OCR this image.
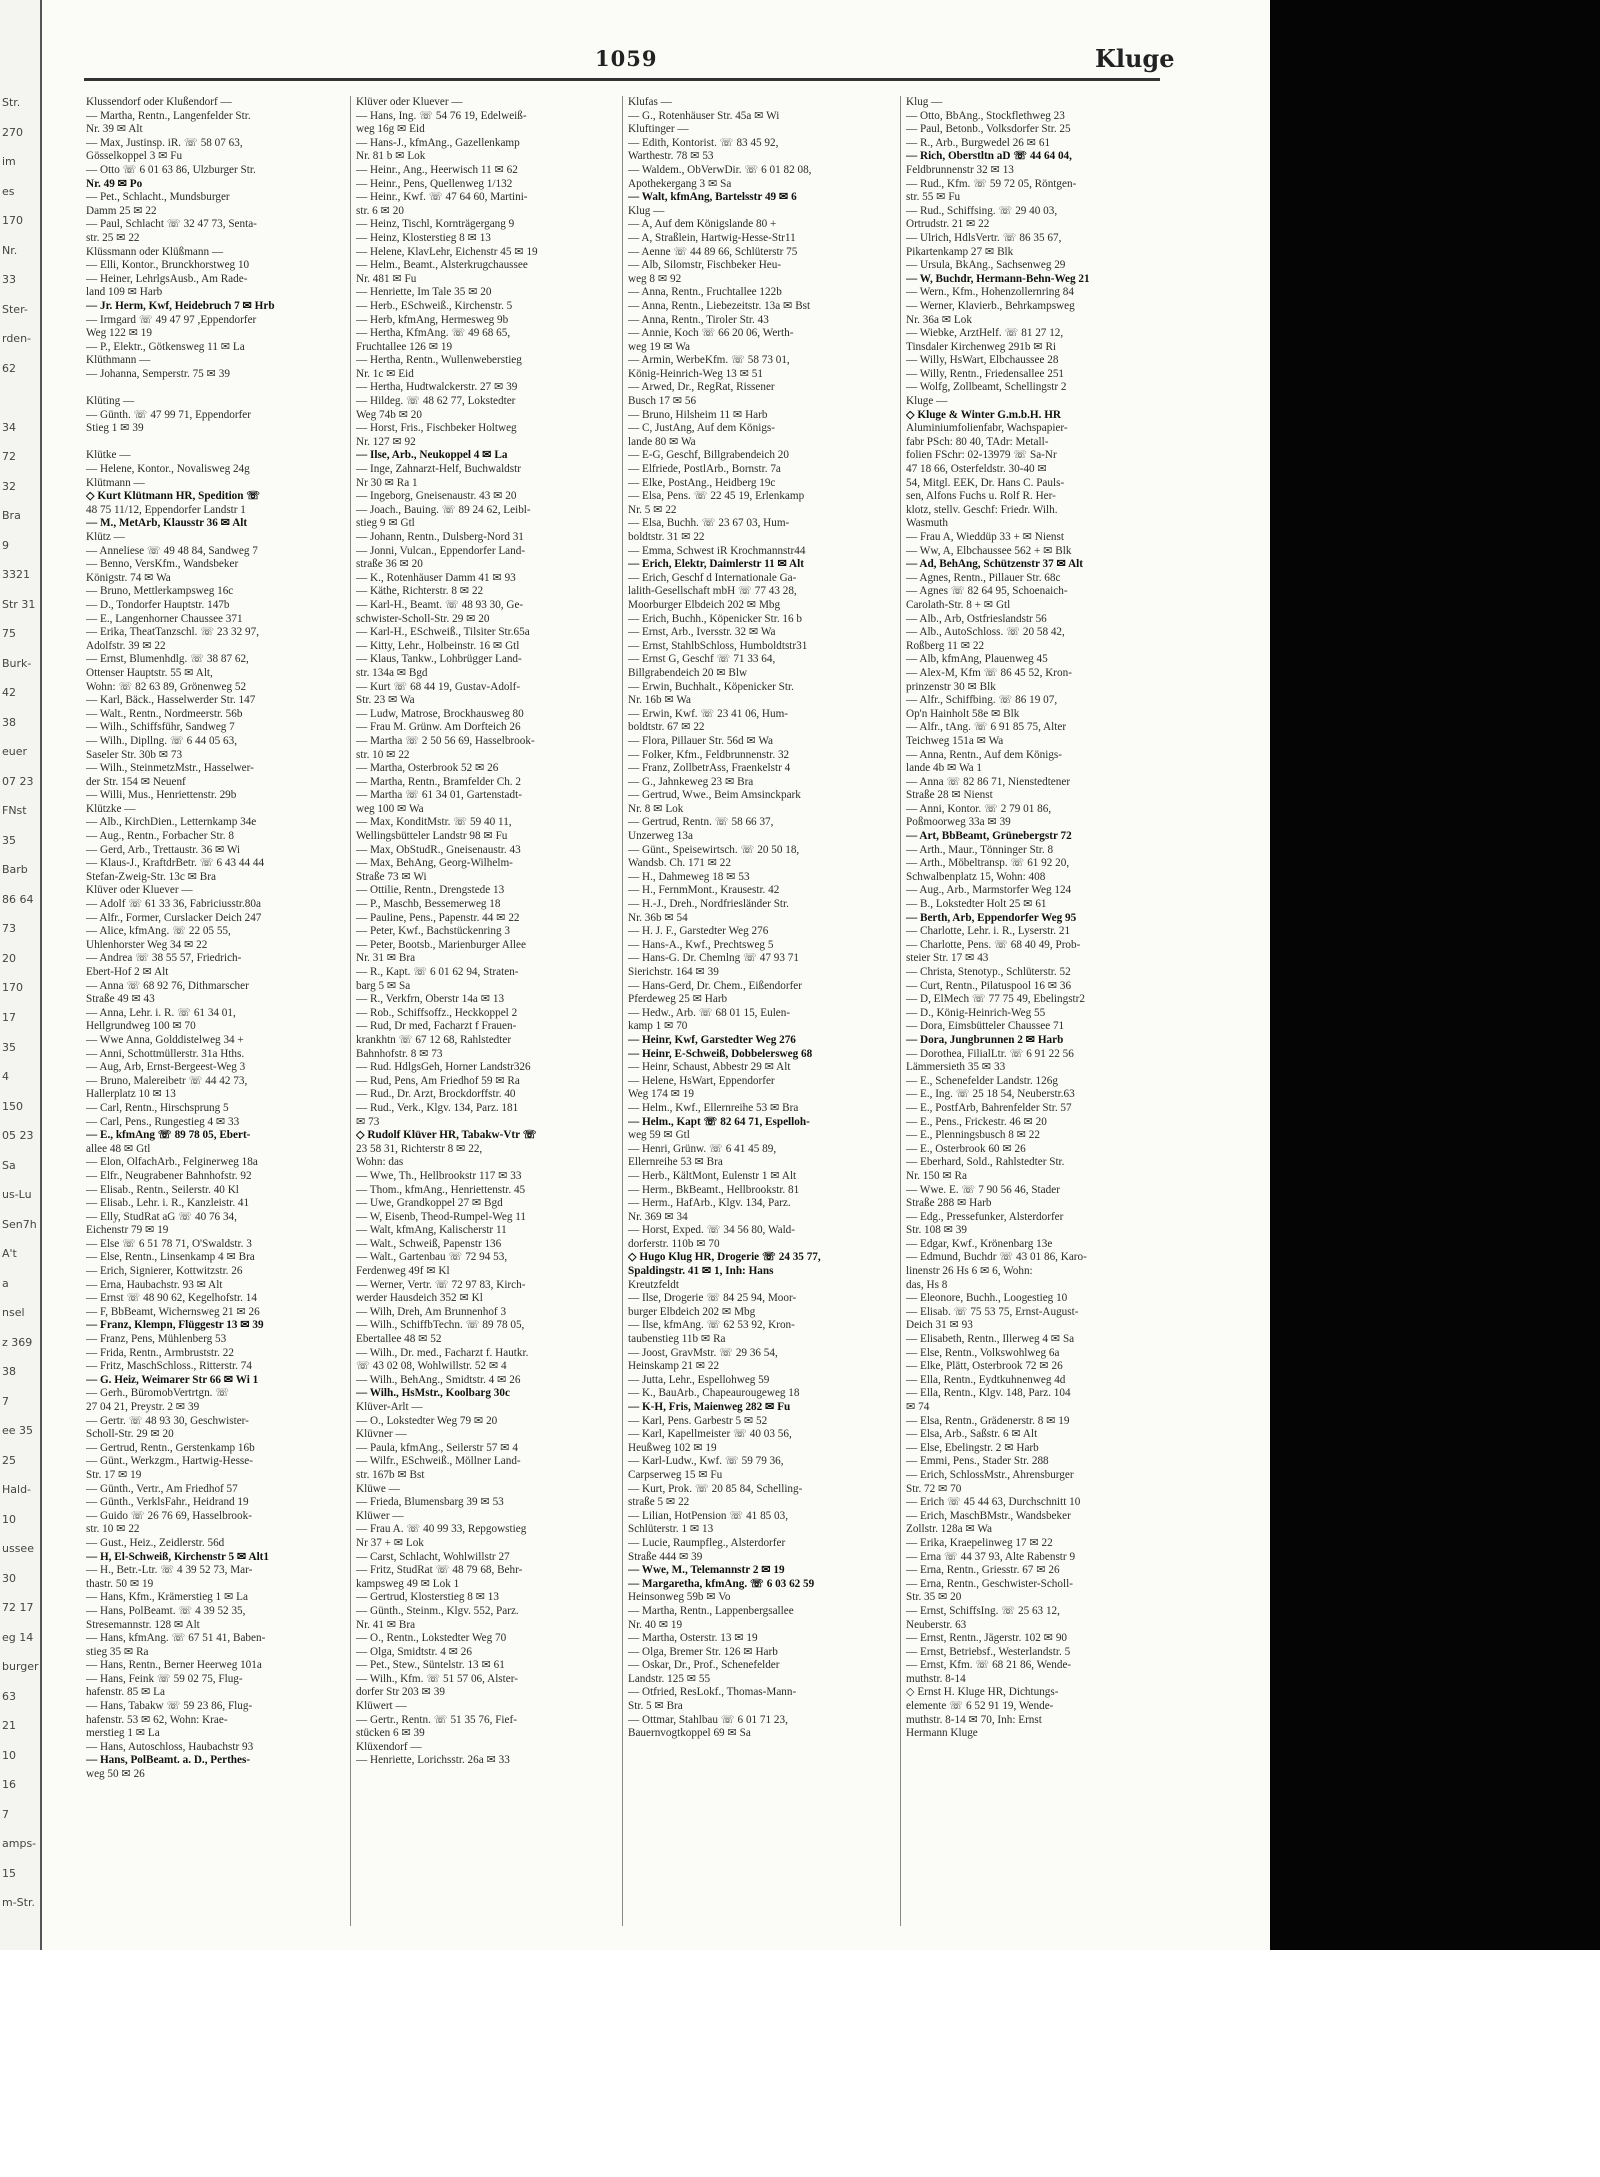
Str.
270
im
es
170
Nr.
33
Ster-
rden-
62
34
72
32
Bra
9
3321
Str 31
75
Burk-
42
38
euer
07 23
FNst
35
Barb
86 64
73
20
170
17
35
4
150
05 23
Sa
us-Lu
Sen7h
A't
a
nsel
z 369
38
7
ee 35
25
Hald-
10
ussee
30
72 17
eg 14
burger
63
21
10
16
7
amps-
15
m-Str.
1059	Kluge
Klussendorf oder Klußendorf —
— Martha, Rentn., Langenfelder Str.
Nr. 39 ✉ Alt
— Max, Justinsp. iR. ☏ 58 07 63,
Gösselkoppel 3 ✉ Fu
— Otto ☏ 6 01 63 86, Ulzburger Str.
Nr. 49 ✉ Po
— Pet., Schlacht., Mundsburger
Damm 25 ✉ 22
— Paul, Schlacht ☏ 32 47 73, Senta-
str. 25 ✉ 22
Klüssmann oder Klüßmann —
— Elli, Kontor., Brunckhorstweg 10
— Heiner, LehrlgsAusb., Am Rade-
land 109 ✉ Harb
— Jr. Herm, Kwf, Heidebruch 7 ✉ Hrb
— Irmgard ☏ 49 47 97 ,Eppendorfer
Weg 122 ✉ 19
— P., Elektr., Götkensweg 11 ✉ La
Klüthmann —
— Johanna, Semperstr. 75 ✉ 39

Klüting —
— Günth. ☏ 47 99 71, Eppendorfer
Stieg 1 ✉ 39

Klütke —
— Helene, Kontor., Novalisweg 24g
Klütmann —
◇ Kurt Klütmann HR, Spedition ☏
48 75 11/12, Eppendorfer Landstr 1
— M., MetArb, Klausstr 36 ✉ Alt
Klütz —
— Anneliese ☏ 49 48 84, Sandweg 7
— Benno, VersKfm., Wandsbeker
Königstr. 74 ✉ Wa
— Bruno, Mettlerkampsweg 16c
— D., Tondorfer Hauptstr. 147b
— E., Langenhorner Chaussee 371
— Erika, TheatTanzschl. ☏ 23 32 97,
Adolfstr. 39 ✉ 22
— Ernst, Blumenhdlg. ☏ 38 87 62,
Ottenser Hauptstr. 55 ✉ Alt,
Wohn: ☏ 82 63 89, Grönenweg 52
— Karl, Bäck., Hasselwerder Str. 147
— Walt., Rentn., Nordmeerstr. 56b
— Wilh., Schiffsführ, Sandweg 7
— Wilh., Dipllng. ☏ 6 44 05 63,
Saseler Str. 30b ✉ 73
— Wilh., SteinmetzMstr., Hasselwer-
der Str. 154 ✉ Neuenf
— Willi, Mus., Henriettenstr. 29b
Klützke —
— Alb., KirchDien., Letternkamp 34e
— Aug., Rentn., Forbacher Str. 8
— Gerd, Arb., Trettaustr. 36 ✉ Wi
— Klaus-J., KraftdrBetr. ☏ 6 43 44 44
Stefan-Zweig-Str. 13c ✉ Bra
Klüver oder Kluever —
— Adolf ☏ 61 33 36, Fabriciusstr.80a
— Alfr., Former, Curslacker Deich 247
— Alice, kfmAng. ☏ 22 05 55,
Uhlenhorster Weg 34 ✉ 22
— Andrea ☏ 38 55 57, Friedrich-
Ebert-Hof 2 ✉ Alt
— Anna ☏ 68 92 76, Dithmarscher
Straße 49 ✉ 43
— Anna, Lehr. i. R. ☏ 61 34 01,
Hellgrundweg 100 ✉ 70
— Wwe Anna, Golddistelweg 34 +
— Anni, Schottmüllerstr. 31a Hths.
— Aug, Arb, Ernst-Bergeest-Weg 3
— Bruno, Malereibetr ☏ 44 42 73,
Hallerplatz 10 ✉ 13
— Carl, Rentn., Hirschsprung 5
— Carl, Pens., Rungestieg 4 ✉ 33
— E., kfmAng ☏ 89 78 05, Ebert-
allee 48 ✉ Gtl
— Elon, OlfachArb., Felginerweg 18a
— Elfr., Neugrabener Bahnhofstr. 92
— Elisab., Rentn., Seilerstr. 40 Kl
— Elisab., Lehr. i. R., Kanzleistr. 41
— Elly, StudRat aG ☏ 40 76 34,
Eichenstr 79 ✉ 19
— Else ☏ 6 51 78 71, O'Swaldstr. 3
— Else, Rentn., Linsenkamp 4 ✉ Bra
— Erich, Signierer, Kottwitzstr. 26
— Erna, Haubachstr. 93 ✉ Alt
— Ernst ☏ 48 90 62, Kegelhofstr. 14
— F, BbBeamt, Wichernsweg 21 ✉ 26
— Franz, Klempn, Flüggestr 13 ✉ 39
— Franz, Pens, Mühlenberg 53
— Frida, Rentn., Armbruststr. 22
— Fritz, MaschSchloss., Ritterstr. 74
— G. Heiz, Weimarer Str 66 ✉ Wi 1
— Gerh., BüromobVertrtgn. ☏
27 04 21, Preystr. 2 ✉ 39
— Gertr. ☏ 48 93 30, Geschwister-
Scholl-Str. 29 ✉ 20
— Gertrud, Rentn., Gerstenkamp 16b
— Günt., Werkzgm., Hartwig-Hesse-
Str. 17 ✉ 19
— Günth., Vertr., Am Friedhof 57
— Günth., VerklsFahr., Heidrand 19
— Guido ☏ 26 76 69, Hasselbrook-
str. 10 ✉ 22
— Gust., Heiz., Zeidlerstr. 56d
— H, El-Schweiß, Kirchenstr 5 ✉ Alt1
— H., Betr.-Ltr. ☏ 4 39 52 73, Mar-
thastr. 50 ✉ 19
— Hans, Kfm., Krämerstieg 1 ✉ La
— Hans, PolBeamt. ☏ 4 39 52 35,
Stresemannstr. 128 ✉ Alt
— Hans, kfmAng. ☏ 67 51 41, Baben-
stieg 35 ✉ Ra
— Hans, Rentn., Berner Heerweg 101a
— Hans, Feink ☏ 59 02 75, Flug-
hafenstr. 85 ✉ La
— Hans, Tabakw ☏ 59 23 86, Flug-
hafenstr. 53 ✉ 62, Wohn: Krae-
merstieg 1 ✉ La
— Hans, Autoschloss, Haubachstr 93
— Hans, PolBeamt. a. D., Perthes-
weg 50 ✉ 26
Klüver oder Kluever —
— Hans, Ing. ☏ 54 76 19, Edelweiß-
weg 16g ✉ Eid
— Hans-J., kfmAng., Gazellenkamp
Nr. 81 b ✉ Lok
— Heinr., Ang., Heerwisch 11 ✉ 62
— Heinr., Pens, Quellenweg 1/132
— Heinr., Kwf. ☏ 47 64 60, Martini-
str. 6 ✉ 20
— Heinz, Tischl, Kornträgergang 9
— Heinz, Klosterstieg 8 ✉ 13
— Helene, KlavLehr, Eichenstr 45 ✉ 19
— Helm., Beamt., Alsterkrugchaussee
Nr. 481 ✉ Fu
— Henriette, Im Tale 35 ✉ 20
— Herb., ESchweiß., Kirchenstr. 5
— Herb, kfmAng, Hermesweg 9b
— Hertha, KfmAng. ☏ 49 68 65,
Fruchtallee 126 ✉ 19
— Hertha, Rentn., Wullenweberstieg
Nr. 1c ✉ Eid
— Hertha, Hudtwalckerstr. 27 ✉ 39
— Hildeg. ☏ 48 62 77, Lokstedter
Weg 74b ✉ 20
— Horst, Fris., Fischbeker Holtweg
Nr. 127 ✉ 92
— Ilse, Arb., Neukoppel 4 ✉ La
— Inge, Zahnarzt-Helf, Buchwaldstr
Nr 30 ✉ Ra 1
— Ingeborg, Gneisenaustr. 43 ✉ 20
— Joach., Bauing. ☏ 89 24 62, Leibl-
stieg 9 ✉ Gtl
— Johann, Rentn., Dulsberg-Nord 31
— Jonni, Vulcan., Eppendorfer Land-
straße 36 ✉ 20
— K., Rotenhäuser Damm 41 ✉ 93
— Käthe, Richterstr. 8 ✉ 22
— Karl-H., Beamt. ☏ 48 93 30, Ge-
schwister-Scholl-Str. 29 ✉ 20
— Karl-H., ESchweiß., Tilsiter Str.65a
— Kitty, Lehr., Holbeinstr. 16 ✉ Gtl
— Klaus, Tankw., Lohbrügger Land-
str. 134a ✉ Bgd
— Kurt ☏ 68 44 19, Gustav-Adolf-
Str. 23 ✉ Wa
— Ludw, Matrose, Brockhausweg 80
— Frau M. Grünw. Am Dorfteich 26
— Martha ☏ 2 50 56 69, Hasselbrook-
str. 10 ✉ 22
— Martha, Osterbrook 52 ✉ 26
— Martha, Rentn., Bramfelder Ch. 2
— Martha ☏ 61 34 01, Gartenstadt-
weg 100 ✉ Wa
— Max, KonditMstr. ☏ 59 40 11,
Wellingsbütteler Landstr 98 ✉ Fu
— Max, ObStudR., Gneisenaustr. 43
— Max, BehAng, Georg-Wilhelm-
Straße 73 ✉ Wi
— Ottilie, Rentn., Drengstede 13
— P., Maschb, Bessemerweg 18
— Pauline, Pens., Papenstr. 44 ✉ 22
— Peter, Kwf., Bachstückenring 3
— Peter, Bootsb., Marienburger Allee
Nr. 31 ✉ Bra
— R., Kapt. ☏ 6 01 62 94, Straten-
barg 5 ✉ Sa
— R., Verkfrn, Oberstr 14a ✉ 13
— Rob., Schiffsoffz., Heckkoppel 2
— Rud, Dr med, Facharzt f Frauen-
krankhtn ☏ 67 12 68, Rahlstedter
Bahnhofstr. 8 ✉ 73
— Rud. HdlgsGeh, Horner Landstr326
— Rud, Pens, Am Friedhof 59 ✉ Ra
— Rud., Dr. Arzt, Brockdorffstr. 40
— Rud., Verk., Klgv. 134, Parz. 181
✉ 73
◇ Rudolf Klüver HR, Tabakw-Vtr ☏
23 58 31, Richterstr 8 ✉ 22,
Wohn: das
— Wwe, Th., Hellbrookstr 117 ✉ 33
— Thom., kfmAng., Henriettenstr. 45
— Uwe, Grandkoppel 27 ✉ Bgd
— W, Eisenb, Theod-Rumpel-Weg 11
— Walt, kfmAng, Kalischerstr 11
— Walt., Schweiß, Papenstr 136
— Walt., Gartenbau ☏ 72 94 53,
Ferdenweg 49f ✉ Kl
— Werner, Vertr. ☏ 72 97 83, Kirch-
werder Hausdeich 352 ✉ Kl
— Wilh, Dreh, Am Brunnenhof 3
— Wilh., SchiffbTechn. ☏ 89 78 05,
Ebertallee 48 ✉ 52
— Wilh., Dr. med., Facharzt f. Hautkr.
☏ 43 02 08, Wohlwillstr. 52 ✉ 4
— Wilh., BehAng., Smidtstr. 4 ✉ 26
— Wilh., HsMstr., Koolbarg 30c
Klüver-Arlt —
— O., Lokstedter Weg 79 ✉ 20
Klüvner —
— Paula, kfmAng., Seilerstr 57 ✉ 4
— Wilfr., ESchweiß., Möllner Land-
str. 167b ✉ Bst
Klüwe —
— Frieda, Blumensbarg 39 ✉ 53
Klüwer —
— Frau A. ☏ 40 99 33, Repgowstieg
Nr 37 + ✉ Lok
— Carst, Schlacht, Wohlwillstr 27
— Fritz, StudRat ☏ 48 79 68, Behr-
kampsweg 49 ✉ Lok 1
— Gertrud, Klosterstieg 8 ✉ 13
— Günth., Steinm., Klgv. 552, Parz.
Nr. 41 ✉ Bra
— O., Rentn., Lokstedter Weg 70
— Olga, Smidtstr. 4 ✉ 26
— Pet., Stew., Süntelstr. 13 ✉ 61
— Wilh., Kfm. ☏ 51 57 06, Alster-
dorfer Str 203 ✉ 39
Klüwert —
— Gertr., Rentn. ☏ 51 35 76, Fief-
stücken 6 ✉ 39
Klüxendorf —
— Henriette, Lorichsstr. 26a ✉ 33
Klufas —
— G., Rotenhäuser Str. 45a ✉ Wi
Kluftinger —
— Edith, Kontorist. ☏ 83 45 92,
Warthestr. 78 ✉ 53
— Waldem., ObVerwDir. ☏ 6 01 82 08,
Apothekergang 3 ✉ Sa
— Walt, kfmAng, Bartelsstr 49 ✉ 6
Klug —
— A, Auf dem Königslande 80 +
— A, Straßlein, Hartwig-Hesse-Str11
— Aenne ☏ 44 89 66, Schlüterstr 75
— Alb, Silomstr, Fischbeker Heu-
weg 8 ✉ 92
— Anna, Rentn., Fruchtallee 122b
— Anna, Rentn., Liebezeitstr. 13a ✉ Bst
— Anna, Rentn., Tiroler Str. 43
— Annie, Koch ☏ 66 20 06, Werth-
weg 19 ✉ Wa
— Armin, WerbeKfm. ☏ 58 73 01,
König-Heinrich-Weg 13 ✉ 51
— Arwed, Dr., RegRat, Rissener
Busch 17 ✉ 56
— Bruno, Hilsheim 11 ✉ Harb
— C, JustAng, Auf dem Königs-
lande 80 ✉ Wa
— E-G, Geschf, Billgrabendeich 20
— Elfriede, PostlArb., Bornstr. 7a
— Elke, PostAng., Heidberg 19c
— Elsa, Pens. ☏ 22 45 19, Erlenkamp
Nr. 5 ✉ 22
— Elsa, Buchh. ☏ 23 67 03, Hum-
boldtstr. 31 ✉ 22
— Emma, Schwest iR Krochmannstr44
— Erich, Elektr, Daimlerstr 11 ✉ Alt
— Erich, Geschf d Internationale Ga-
lalith-Gesellschaft mbH ☏ 77 43 28,
Moorburger Elbdeich 202 ✉ Mbg
— Erich, Buchh., Köpenicker Str. 16 b
— Ernst, Arb., Iversstr. 32 ✉ Wa
— Ernst, StahlbSchloss, Humboldtstr31
— Ernst G, Geschf ☏ 71 33 64,
Billgrabendeich 20 ✉ Blw
— Erwin, Buchhalt., Köpenicker Str.
Nr. 16b ✉ Wa
— Erwin, Kwf. ☏ 23 41 06, Hum-
boldtstr. 67 ✉ 22
— Flora, Pillauer Str. 56d ✉ Wa
— Folker, Kfm., Feldbrunnenstr. 32
— Franz, ZollbetrAss, Fraenkelstr 4
— G., Jahnkeweg 23 ✉ Bra
— Gertrud, Wwe., Beim Amsinckpark
Nr. 8 ✉ Lok
— Gertrud, Rentn. ☏ 58 66 37,
Unzerweg 13a
— Günt., Speisewirtsch. ☏ 20 50 18,
Wandsb. Ch. 171 ✉ 22
— H., Dahmeweg 18 ✉ 53
— H., FernmMont., Krausestr. 42
— H.-J., Dreh., Nordfriesländer Str.
Nr. 36b ✉ 54
— H. J. F., Garstedter Weg 276
— Hans-A., Kwf., Prechtsweg 5
— Hans-G. Dr. Chemlng ☏ 47 93 71
Sierichstr. 164 ✉ 39
— Hans-Gerd, Dr. Chem., Eißendorfer
Pferdeweg 25 ✉ Harb
— Hedw., Arb. ☏ 68 01 15, Eulen-
kamp 1 ✉ 70
— Heinr, Kwf, Garstedter Weg 276
— Heinr, E-Schweiß, Dobbelersweg 68
— Heinr, Schaust, Abbestr 29 ✉ Alt
— Helene, HsWart, Eppendorfer
Weg 174 ✉ 19
— Helm., Kwf., Ellernreihe 53 ✉ Bra
— Helm., Kapt ☏ 82 64 71, Espelloh-
weg 59 ✉ Gtl
— Henri, Grünw. ☏ 6 41 45 89,
Ellernreihe 53 ✉ Bra
— Herb., KältMont, Eulenstr 1 ✉ Alt
— Herm., BkBeamt., Hellbrookstr. 81
— Herm., HafArb., Klgv. 134, Parz.
Nr. 369 ✉ 34
— Horst, Exped. ☏ 34 56 80, Wald-
dorferstr. 110b ✉ 70
◇ Hugo Klug HR, Drogerie ☏ 24 35 77,
Spaldingstr. 41 ✉ 1, Inh: Hans
Kreutzfeldt
— Ilse, Drogerie ☏ 84 25 94, Moor-
burger Elbdeich 202 ✉ Mbg
— Ilse, kfmAng. ☏ 62 53 92, Kron-
taubenstieg 11b ✉ Ra
— Joost, GravMstr. ☏ 29 36 54,
Heinskamp 21 ✉ 22
— Jutta, Lehr., Espellohweg 59
— K., BauArb., Chapeaurougeweg 18
— K-H, Fris, Maienweg 282 ✉ Fu
— Karl, Pens. Garbestr 5 ✉ 52
— Karl, Kapellmeister ☏ 40 03 56,
Heußweg 102 ✉ 19
— Karl-Ludw., Kwf. ☏ 59 79 36,
Carpserweg 15 ✉ Fu
— Kurt, Prok. ☏ 20 85 84, Schelling-
straße 5 ✉ 22
— Lilian, HotPension ☏ 41 85 03,
Schlüterstr. 1 ✉ 13
— Lucie, Raumpfleg., Alsterdorfer
Straße 444 ✉ 39
— Wwe, M., Telemannstr 2 ✉ 19
— Margaretha, kfmAng. ☏ 6 03 62 59
Heinsonweg 59b ✉ Vo
— Martha, Rentn., Lappenbergsallee
Nr. 40 ✉ 19
— Martha, Osterstr. 13 ✉ 19
— Olga, Bremer Str. 126 ✉ Harb
— Oskar, Dr., Prof., Schenefelder
Landstr. 125 ✉ 55
— Otfried, ResLokf., Thomas-Mann-
Str. 5 ✉ Bra
— Ottmar, Stahlbau ☏ 6 01 71 23,
Bauernvogtkoppel 69 ✉ Sa
Klug —
— Otto, BbAng., Stockflethweg 23
— Paul, Betonb., Volksdorfer Str. 25
— R., Arb., Burgwedel 26 ✉ 61
— Rich, Oberstltn aD ☏ 44 64 04,
Feldbrunnenstr 32 ✉ 13
— Rud., Kfm. ☏ 59 72 05, Röntgen-
str. 55 ✉ Fu
— Rud., Schiffsing. ☏ 29 40 03,
Ortrudstr. 21 ✉ 22
— Ulrich, HdlsVertr. ☏ 86 35 67,
Pikartenkamp 27 ✉ Blk
— Ursula, BkAng., Sachsenweg 29
— W, Buchdr, Hermann-Behn-Weg 21
— Wern., Kfm., Hohenzollernring 84
— Werner, Klavierb., Behrkampsweg
Nr. 36a ✉ Lok
— Wiebke, ArztHelf. ☏ 81 27 12,
Tinsdaler Kirchenweg 291b ✉ Ri
— Willy, HsWart, Elbchaussee 28
— Willy, Rentn., Friedensallee 251
— Wolfg, Zollbeamt, Schellingstr 2
Kluge —
◇ Kluge & Winter G.m.b.H. HR
Aluminiumfolienfabr, Wachspapier-
fabr PSch: 80 40, TAdr: Metall-
folien FSchr: 02-13979 ☏ Sa-Nr
47 18 66, Osterfeldstr. 30-40 ✉
54, Mitgl. EEK, Dr. Hans C. Pauls-
sen, Alfons Fuchs u. Rolf R. Her-
klotz, stellv. Geschf: Friedr. Wilh.
Wasmuth
— Frau A, Wieddüp 33 + ✉ Nienst
— Ww, A, Elbchaussee 562 + ✉ Blk
— Ad, BehAng, Schützenstr 37 ✉ Alt
— Agnes, Rentn., Pillauer Str. 68c
— Agnes ☏ 82 64 95, Schoenaich-
Carolath-Str. 8 + ✉ Gtl
— Alb., Arb, Ostfrieslandstr 56
— Alb., AutoSchloss. ☏ 20 58 42,
Roßberg 11 ✉ 22
— Alb, kfmAng, Plauenweg 45
— Alex-M, Kfm ☏ 86 45 52, Kron-
prinzenstr 30 ✉ Blk
— Alfr., Schiffbing. ☏ 86 19 07,
Op'n Hainholt 58e ✉ Blk
— Alfr., tAng. ☏ 6 91 85 75, Alter
Teichweg 151a ✉ Wa
— Anna, Rentn., Auf dem Königs-
lande 4b ✉ Wa 1
— Anna ☏ 82 86 71, Nienstedtener
Straße 28 ✉ Nienst
— Anni, Kontor. ☏ 2 79 01 86,
Poßmoorweg 33a ✉ 39
— Art, BbBeamt, Grünebergstr 72
— Arth., Maur., Tönninger Str. 8
— Arth., Möbeltransp. ☏ 61 92 20,
Schwalbenplatz 15, Wohn: 408
— Aug., Arb., Marmstorfer Weg 124
— B., Lokstedter Holt 25 ✉ 61
— Berth, Arb, Eppendorfer Weg 95
— Charlotte, Lehr. i. R., Lyserstr. 21
— Charlotte, Pens. ☏ 68 40 49, Prob-
steier Str. 17 ✉ 43
— Christa, Stenotyp., Schlüterstr. 52
— Curt, Rentn., Pilatuspool 16 ✉ 36
— D, ElMech ☏ 77 75 49, Ebelingstr2
— D., König-Heinrich-Weg 55
— Dora, Eimsbütteler Chaussee 71
— Dora, Jungbrunnen 2 ✉ Harb
— Dorothea, FilialLtr. ☏ 6 91 22 56
Lämmersieth 35 ✉ 33
— E., Schenefelder Landstr. 126g
— E., Ing. ☏ 25 18 54, Neuberstr.63
— E., PostfArb, Bahrenfelder Str. 57
— E., Pens., Frickestr. 46 ✉ 20
— E., Plenningsbusch 8 ✉ 22
— E., Osterbrook 60 ✉ 26
— Eberhard, Sold., Rahlstedter Str.
Nr. 150 ✉ Ra
— Wwe. E. ☏ 7 90 56 46, Stader
Straße 288 ✉ Harb
— Edg., Pressefunker, Alsterdorfer
Str. 108 ✉ 39
— Edgar, Kwf., Krönenbarg 13e
— Edmund, Buchdr ☏ 43 01 86, Karo-
linenstr 26 Hs 6 ✉ 6, Wohn:
das, Hs 8
— Eleonore, Buchh., Loogestieg 10
— Elisab. ☏ 75 53 75, Ernst-August-
Deich 31 ✉ 93
— Elisabeth, Rentn., Illerweg 4 ✉ Sa
— Else, Rentn., Volkswohlweg 6a
— Elke, Plätt, Osterbrook 72 ✉ 26
— Ella, Rentn., Eydtkuhnenweg 4d
— Ella, Rentn., Klgv. 148, Parz. 104
✉ 74
— Elsa, Rentn., Grädenerstr. 8 ✉ 19
— Elsa, Arb., Saßstr. 6 ✉ Alt
— Else, Ebelingstr. 2 ✉ Harb
— Emmi, Pens., Stader Str. 288
— Erich, SchlossMstr., Ahrensburger
Str. 72 ✉ 70
— Erich ☏ 45 44 63, Durchschnitt 10
— Erich, MaschBMstr., Wandsbeker
Zollstr. 128a ✉ Wa
— Erika, Kraepelinweg 17 ✉ 22
— Erna ☏ 44 37 93, Alte Rabenstr 9
— Erna, Rentn., Griesstr. 67 ✉ 26
— Erna, Rentn., Geschwister-Scholl-
Str. 35 ✉ 20
— Ernst, SchiffsIng. ☏ 25 63 12,
Neuberstr. 63
— Ernst, Rentn., Jägerstr. 102 ✉ 90
— Ernst, Betriebsf., Westerlandstr. 5
— Ernst, Kfm. ☏ 68 21 86, Wende-
muthstr. 8-14
◇ Ernst H. Kluge HR, Dichtungs-
elemente ☏ 6 52 91 19, Wende-
muthstr. 8-14 ✉ 70, Inh: Ernst
Hermann Kluge
